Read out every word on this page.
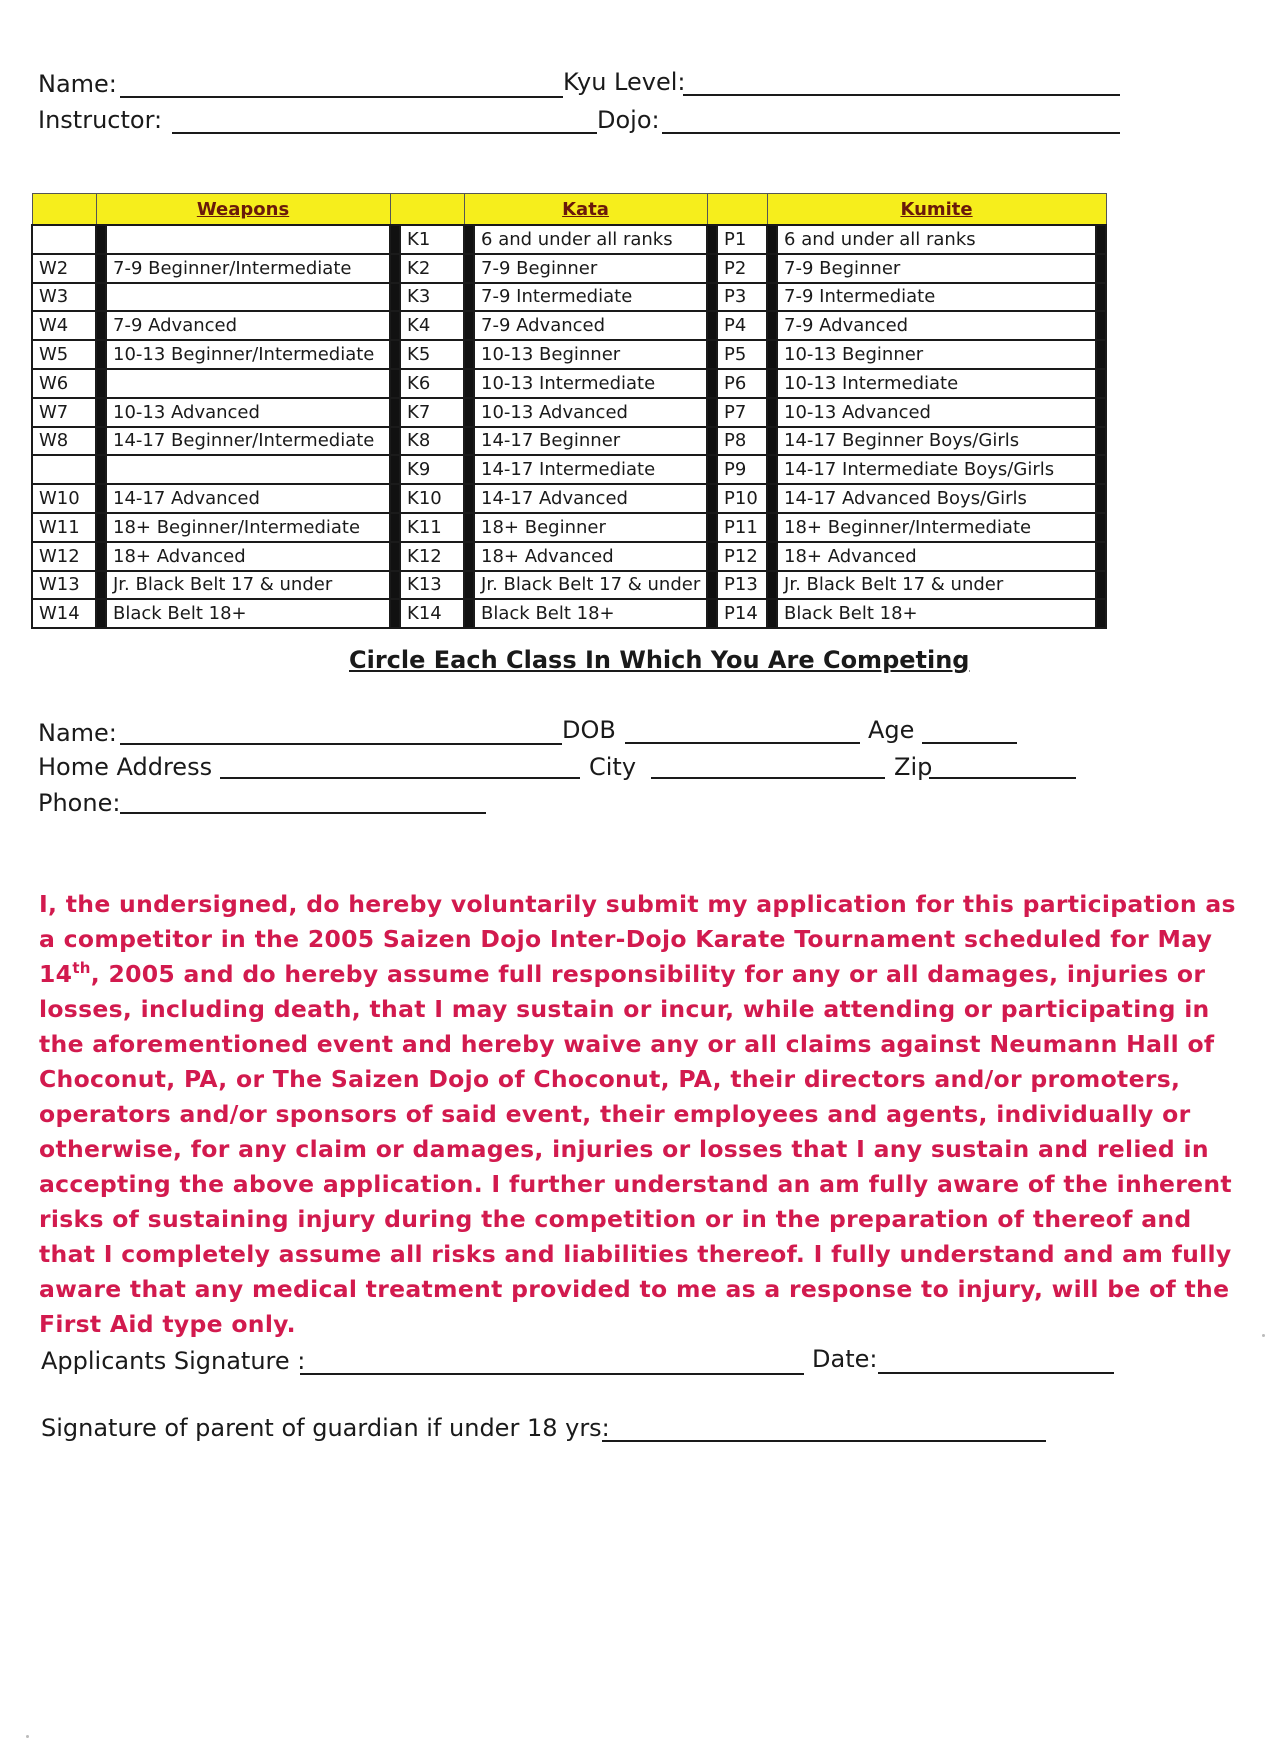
Name:	Kyu Level:
Instructor:	Dojo:
	Weapons				Kata				Kumite		
				K1		6 and under all ranks		P1		6 and under all ranks	
W2		7-9 Beginner/Intermediate		K2		7-9 Beginner		P2		7-9 Beginner	
W3				K3		7-9 Intermediate		P3		7-9 Intermediate	
W4		7-9 Advanced		K4		7-9 Advanced		P4		7-9 Advanced	
W5		10-13 Beginner/Intermediate		K5		10-13 Beginner		P5		10-13 Beginner	
W6				K6		10-13 Intermediate		P6		10-13 Intermediate	
W7		10-13 Advanced		K7		10-13 Advanced		P7		10-13 Advanced	
W8		14-17 Beginner/Intermediate		K8		14-17 Beginner		P8		14-17 Beginner Boys/Girls	
				K9		14-17 Intermediate		P9		14-17 Intermediate Boys/Girls	
W10		14-17 Advanced		K10		14-17 Advanced		P10		14-17 Advanced Boys/Girls	
W11		18+ Beginner/Intermediate		K11		18+ Beginner		P11		18+ Beginner/Intermediate	
W12		18+ Advanced		K12		18+ Advanced		P12		18+ Advanced	
W13		Jr. Black Belt 17 & under		K13		Jr. Black Belt 17 & under		P13		Jr. Black Belt 17 & under	
W14		Black Belt 18+		K14		Black Belt 18+		P14		Black Belt 18+	
Circle Each Class In Which You Are Competing
Name:	DOB	Age
Home Address	City	Zip
Phone:
I, the undersigned, do hereby voluntarily submit my application for this participation as a competitor in the 2005 Saizen Dojo Inter-Dojo Karate Tournament scheduled for May 14th, 2005 and do hereby assume full responsibility for any or all damages, injuries or losses, including death, that I may sustain or incur, while attending or participating in the aforementioned event and hereby waive any or all claims against Neumann Hall of Choconut, PA, or The Saizen Dojo of Choconut, PA, their directors and/or promoters, operators and/or sponsors of said event, their employees and agents, individually or otherwise, for any claim or damages, injuries or losses that I any sustain and relied in accepting the above application. I further understand an am fully aware of the inherent risks of sustaining injury during the competition or in the preparation of thereof and that I completely assume all risks and liabilities thereof. I fully understand and am fully aware that any medical treatment provided to me as a response to injury, will be of the First Aid type only.
Applicants Signature :	Date:
Signature of parent of guardian if under 18 yrs:
